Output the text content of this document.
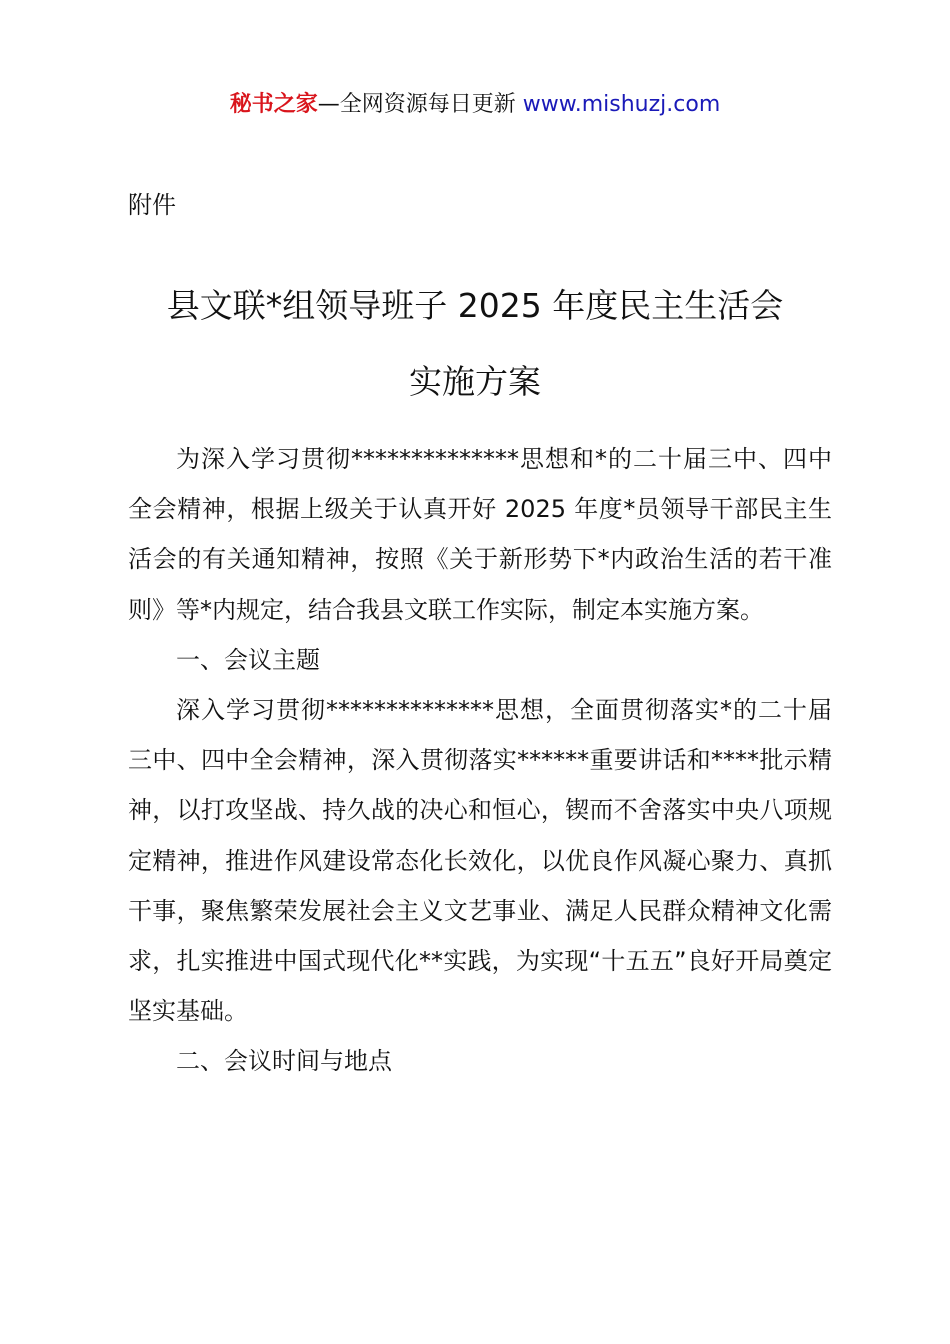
秘书之家—全网资源每日更新 www.mishuzj.com
附件
县文联*组领导班子 2025 年度民主生活会
实施方案

为深入学习贯彻**************思想和*的二十届三中、四中全会精神，根据上级关于认真开好 2025 年度*员领导干部民主生活会的有关通知精神，按照《关于新形势下*内政治生活的若干准则》等*内规定，结合我县文联工作实际，制定本实施方案。

一、会议主题

深入学习贯彻**************思想，全面贯彻落实*的二十届三中、四中全会精神，深入贯彻落实******重要讲话和****批示精神，以打攻坚战、持久战的决心和恒心，锲而不舍落实中央八项规定精神，推进作风建设常态化长效化，以优良作风凝心聚力、真抓干事，聚焦繁荣发展社会主义文艺事业、满足人民群众精神文化需求，扎实推进中国式现代化**实践，为实现“十五五”良好开局奠定坚实基础。

二、会议时间与地点
